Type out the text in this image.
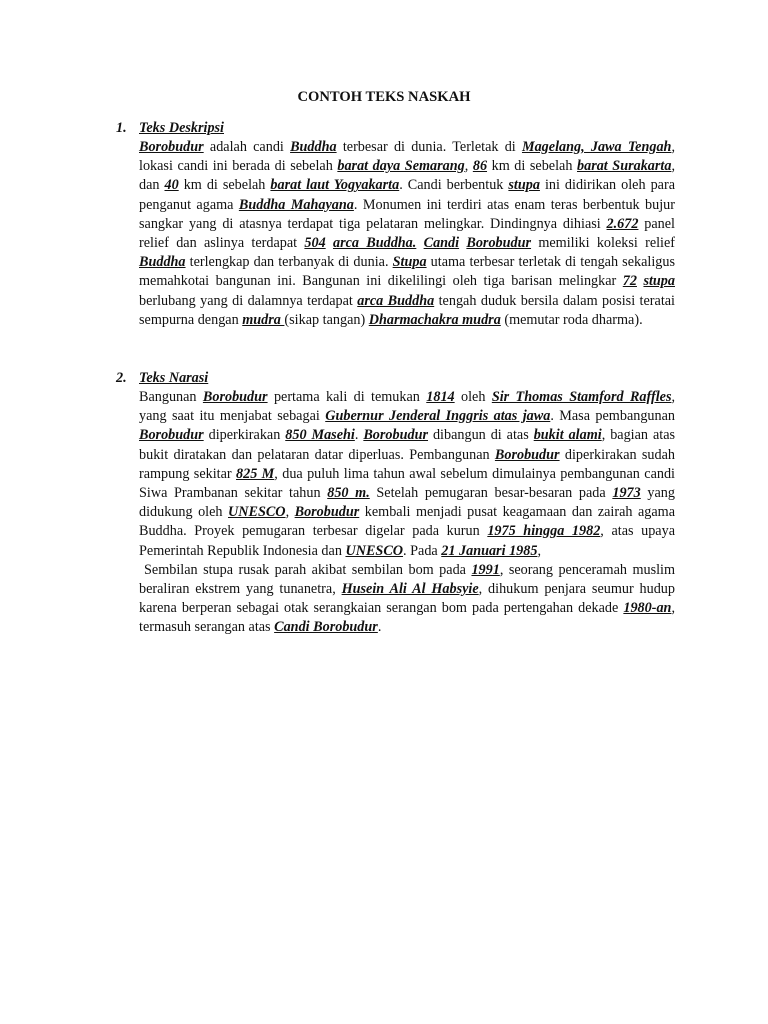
CONTOH TEKS NASKAH
1. Teks Deskripsi

Borobudur adalah candi Buddha terbesar di dunia. Terletak di Magelang, Jawa Tengah, lokasi candi ini berada di sebelah barat daya Semarang, 86 km di sebelah barat Surakarta, dan 40 km di sebelah barat laut Yogyakarta. Candi berbentuk stupa ini didirikan oleh para penganut agama Buddha Mahayana. Monumen ini terdiri atas enam teras berbentuk bujur sangkar yang di atasnya terdapat tiga pelataran melingkar. Dindingnya dihiasi 2.672 panel relief dan aslinya terdapat 504 arca Buddha. Candi Borobudur memiliki koleksi relief Buddha terlengkap dan terbanyak di dunia. Stupa utama terbesar terletak di tengah sekaligus memahkotai bangunan ini. Bangunan ini dikelilingi oleh tiga barisan melingkar 72 stupa berlubang yang di dalamnya terdapat arca Buddha tengah duduk bersila dalam posisi teratai sempurna dengan mudra (sikap tangan) Dharmachakra mudra (memutar roda dharma).

2. Teks Narasi

Bangunan Borobudur pertama kali di temukan 1814 oleh Sir Thomas Stamford Raffles, yang saat itu menjabat sebagai Gubernur Jenderal Inggris atas jawa. Masa pembangunan Borobudur diperkirakan 850 Masehi. Borobudur dibangun di atas bukit alami, bagian atas bukit diratakan dan pelataran datar diperluas. Pembangunan Borobudur diperkirakan sudah rampung sekitar 825 M, dua puluh lima tahun awal sebelum dimulainya pembangunan candi Siwa Prambanan sekitar tahun 850 m. Setelah pemugaran besar-besaran pada 1973 yang didukung oleh UNESCO, Borobudur kembali menjadi pusat keagamaan dan zairah agama Buddha. Proyek pemugaran terbesar digelar pada kurun 1975 hingga 1982, atas upaya Pemerintah Republik Indonesia dan UNESCO. Pada 21 Januari 1985,

Sembilan stupa rusak parah akibat sembilan bom pada 1991, seorang penceramah muslim beraliran ekstrem yang tunanetra, Husein Ali Al Habsyie, dihukum penjara seumur hudup karena berperan sebagai otak serangkaian serangan bom pada pertengahan dekade 1980-an, termasuh serangan atas Candi Borobudur.
